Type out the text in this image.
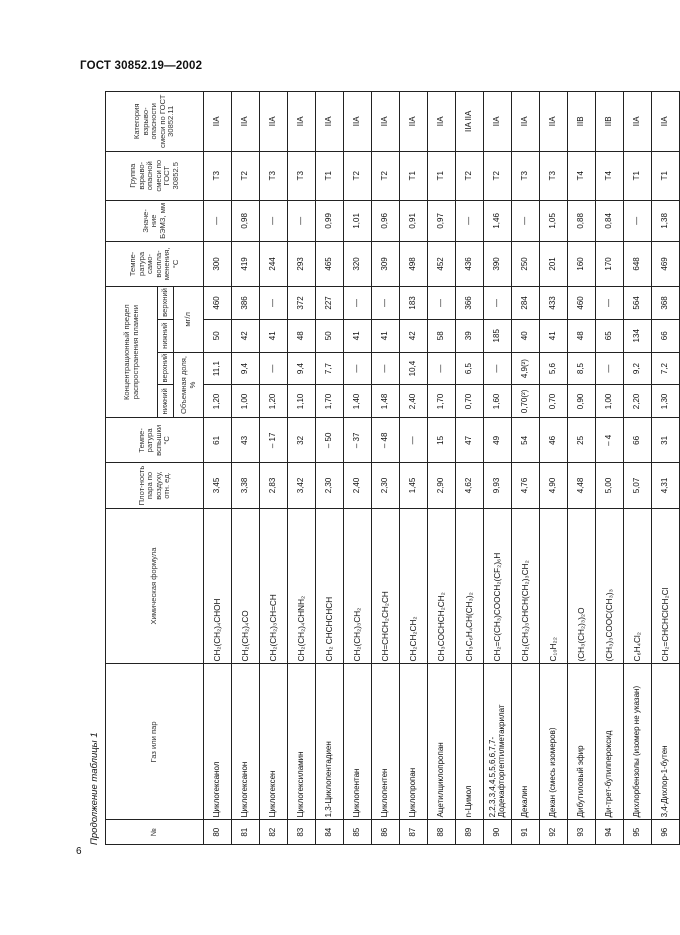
ГОСТ 30852.19—2002
6
Продолжение таблицы 1	№	Газ или пар	Химическая формула	Плот-ность пара по воздуху, отн. ед.	Темпе-ратура вспышки °С	Концентрационный предел распространения пламени				Темпе-ратура само-воспла-менения, °С	Значе-ние БЭМЗ, мм	Группа взрыво-опасной смеси по ГОСТ 30852.5	Категория взрыво-опасности смеси по ГОСТ 30852.11
					нижний	верхний	нижний	верхний				
					Объемная доля, %		мг/л					
80	Циклогексанол	CH₂(CH₂)₄CHOH	3,45	61	1,20	11,1	50	460	300	—	Т3	IIA
81	Циклогексанон	CH₂(CH₂)₄CO	3,38	43	1,00	9,4	42	386	419	0,98	Т2	IIA
82	Циклогексен	CH₂(CH₂)₃CH=CH	2,83	– 17	1,20	—	41	—	244	—	Т3	IIA
83	Циклогексиламин	CH₂(CH₂)₄CHNH₂	3,42	32	1,10	9,4	48	372	293	—	Т3	IIA
84	1,3-Циклопентадиен	CH₂ CHCHCHCH	2,30	– 50	1,70	7,7	50	227	465	0,99	Т1	IIA
85	Циклопентан	CH₂(CH₂)₃CH₂	2,40	– 37	1,40	—	41	—	320	1,01	Т2	IIA
86	Циклопентен	CH=CHCH₂CH₂CH	2,30	– 48	1,48	—	41	—	309	0,96	Т2	IIA
87	Циклопропан	CH₂CH₂CH₂	1,45	—	2,40	10,4	42	183	498	0,91	Т1	IIA
88	Ацетилциклопропан	CH₃COCHCH₂CH₂	2,90	15	1,70	—	58	—	452	0,97	Т1	IIA
89	n-Цимол	CH₃C₆H₄CH(CH₃)₂	4,62	47	0,70	6,5	39	366	436	—	Т2	IIA IIA
90	2,2,3,3,4,4,5,5,6,6,7,7-Додекафторгептилметакрилат	CH₂=C(CH₃)COOCH₂(CF₂)₆H	9,93	49	1,60	—	185	—	390	1,46	Т2	IIA
91	Декалин	CH₂(CH₂)₃CHCH(CH₂)₃CH₂	4,76	54	0,70(²)	4,9(²)	40	284	250	—	Т3	IIA
92	Декан (смесь изомеров)	C₁₀H₂₂	4,90	46	0,70	5,6	41	433	201	1,05	Т3	IIA
93	Дибутиловый эфир	(CH₃(CH₂)₃)₂O	4,48	25	0,90	8,5	48	460	160	0,88	Т4	IIB
94	Ди-трет-бутилпероксид	(CH₃)₃COOC(CH₃)₃	5,00	– 4	1,00	—	65	—	170	0,84	Т4	IIB
95	Дихлорбензолы (изомер не указан)	C₆H₄Cl₂	5,07	66	2,20	9,2	134	564	648	—	Т1	IIA
96	3,4-Дихлор-1-бутен	CH₂=CHCHClCH₂Cl	4,31	31	1,30	7,2	66	368	469	1,38	Т1	IIA
